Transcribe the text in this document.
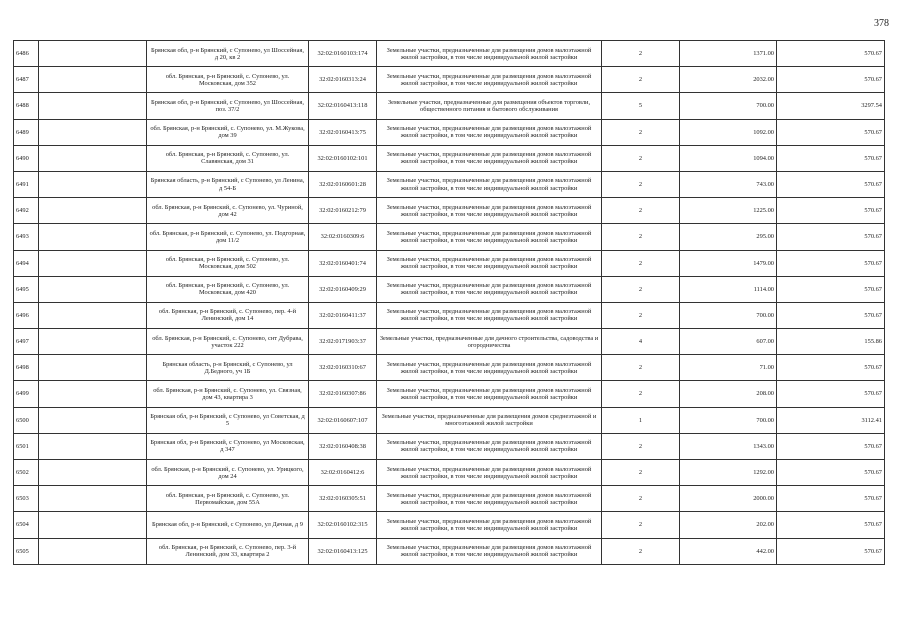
378
6486		Брянская обл, р-н Брянский, с Супонево, ул Шоссейная, д 20, кв 2	32:02:0160103:174	Земельные участки, предназначенные для размещения домов малоэтажной жилой застройки, в том числе индивидуальной жилой застройки	2	1371.00	570.67	
6487		обл. Брянская, р-н Брянский, с. Супонево, ул. Московская, дом 352	32:02:0160313:24	Земельные участки, предназначенные для размещения домов малоэтажной жилой застройки, в том числе индивидуальной жилой застройки	2	2032.00	570.67	
6488		Брянская обл, р-н Брянский, с Супонево, ул Шоссейная, поз. 37/2	32:02:0160413:118	Земельные участки, предназначенные для размещения объектов торговли, общественного питания и бытового обслуживания	5	700.00	3297.54	
6489		обл. Брянская, р-н Брянский, с. Супонево, ул. М.Жукова, дом 39	32:02:0160413:75	Земельные участки, предназначенные для размещения домов малоэтажной жилой застройки, в том числе индивидуальной жилой застройки	2	1092.00	570.67	
6490		обл. Брянская, р-н Брянский, с. Супонево, ул. Славянская, дом 31	32:02:0160102:101	Земельные участки, предназначенные для размещения домов малоэтажной жилой застройки, в том числе индивидуальной жилой застройки	2	1094.00	570.67	
6491		Брянская область, р-н Брянский, с Супонево, ул Ленина, д 54-Б	32:02:0160601:28	Земельные участки, предназначенные для размещения домов малоэтажной жилой застройки, в том числе индивидуальной жилой застройки	2	743.00	570.67	
6492		обл. Брянская, р-н Брянский, с. Супонево, ул. Чуриной, дом 42	32:02:0160212:79	Земельные участки, предназначенные для размещения домов малоэтажной жилой застройки, в том числе индивидуальной жилой застройки	2	1225.00	570.67	
6493		обл. Брянская, р-н Брянский, с. Супонево, ул. Подгорная, дом 11/2	32:02:0160309:6	Земельные участки, предназначенные для размещения домов малоэтажной жилой застройки, в том числе индивидуальной жилой застройки	2	295.00	570.67	
6494		обл. Брянская, р-н Брянский, с. Супонево, ул. Московская, дом 502	32:02:0160401:74	Земельные участки, предназначенные для размещения домов малоэтажной жилой застройки, в том числе индивидуальной жилой застройки	2	1479.00	570.67	
6495		обл. Брянская, р-н Брянский, с. Супонево, ул. Московская, дом 420	32:02:0160409:29	Земельные участки, предназначенные для размещения домов малоэтажной жилой застройки, в том числе индивидуальной жилой застройки	2	1114.00	570.67	
6496		обл. Брянская, р-н Брянский, с. Супонево, пер. 4-й Ленинский, дом 14	32:02:0160411:37	Земельные участки, предназначенные для размещения домов малоэтажной жилой застройки, в том числе индивидуальной жилой застройки	2	700.00	570.67	
6497		обл. Брянская, р-н Брянский, с. Супонево, снт Дубрава, участок 222	32:02:0171903:37	Земельные участки, предназначенные для дачного строительства, садоводства и огородничества	4	607.00	155.86	
6498		Брянская область, р-н Брянский, с Супонево, ул Д.Бедного, уч 1Б	32:02:0160310:67	Земельные участки, предназначенные для размещения домов малоэтажной жилой застройки, в том числе индивидуальной жилой застройки	2	71.00	570.67	
6499		обл. Брянская, р-н Брянский, с. Супонево, ул. Связная, дом 43, квартира 3	32:02:0160307:86	Земельные участки, предназначенные для размещения домов малоэтажной жилой застройки, в том числе индивидуальной жилой застройки	2	208.00	570.67	
6500		Брянская обл, р-н Брянский, с Супонево, ул Советская, д 5	32:02:0160607:107	Земельные участки, предназначенные для размещения домов среднеэтажной и многоэтажной жилой застройки	1	700.00	3112.41	
6501		Брянская обл, р-н Брянский, с Супонево, ул Московская, д 347	32:02:0160408:38	Земельные участки, предназначенные для размещения домов малоэтажной жилой застройки, в том числе индивидуальной жилой застройки	2	1343.00	570.67	
6502		обл. Брянская, р-н Брянский, с. Супонево, ул. Урицкого, дом 24	32:02:0160412:6	Земельные участки, предназначенные для размещения домов малоэтажной жилой застройки, в том числе индивидуальной жилой застройки	2	1292.00	570.67	
6503		обл. Брянская, р-н Брянский, с. Супонево, ул. Первомайская, дом 55А	32:02:0160305:51	Земельные участки, предназначенные для размещения домов малоэтажной жилой застройки, в том числе индивидуальной жилой застройки	2	2000.00	570.67	
6504		Брянская обл, р-н Брянский, с Супонево, ул Дачная, д 9	32:02:0160102:315	Земельные участки, предназначенные для размещения домов малоэтажной жилой застройки, в том числе индивидуальной жилой застройки	2	202.00	570.67	
6505		обл. Брянская, р-н Брянский, с. Супонево, пер. 3-й Ленинский, дом 33, квартира 2	32:02:0160413:125	Земельные участки, предназначенные для размещения домов малоэтажной жилой застройки, в том числе индивидуальной жилой застройки	2	442.00	570.67	
